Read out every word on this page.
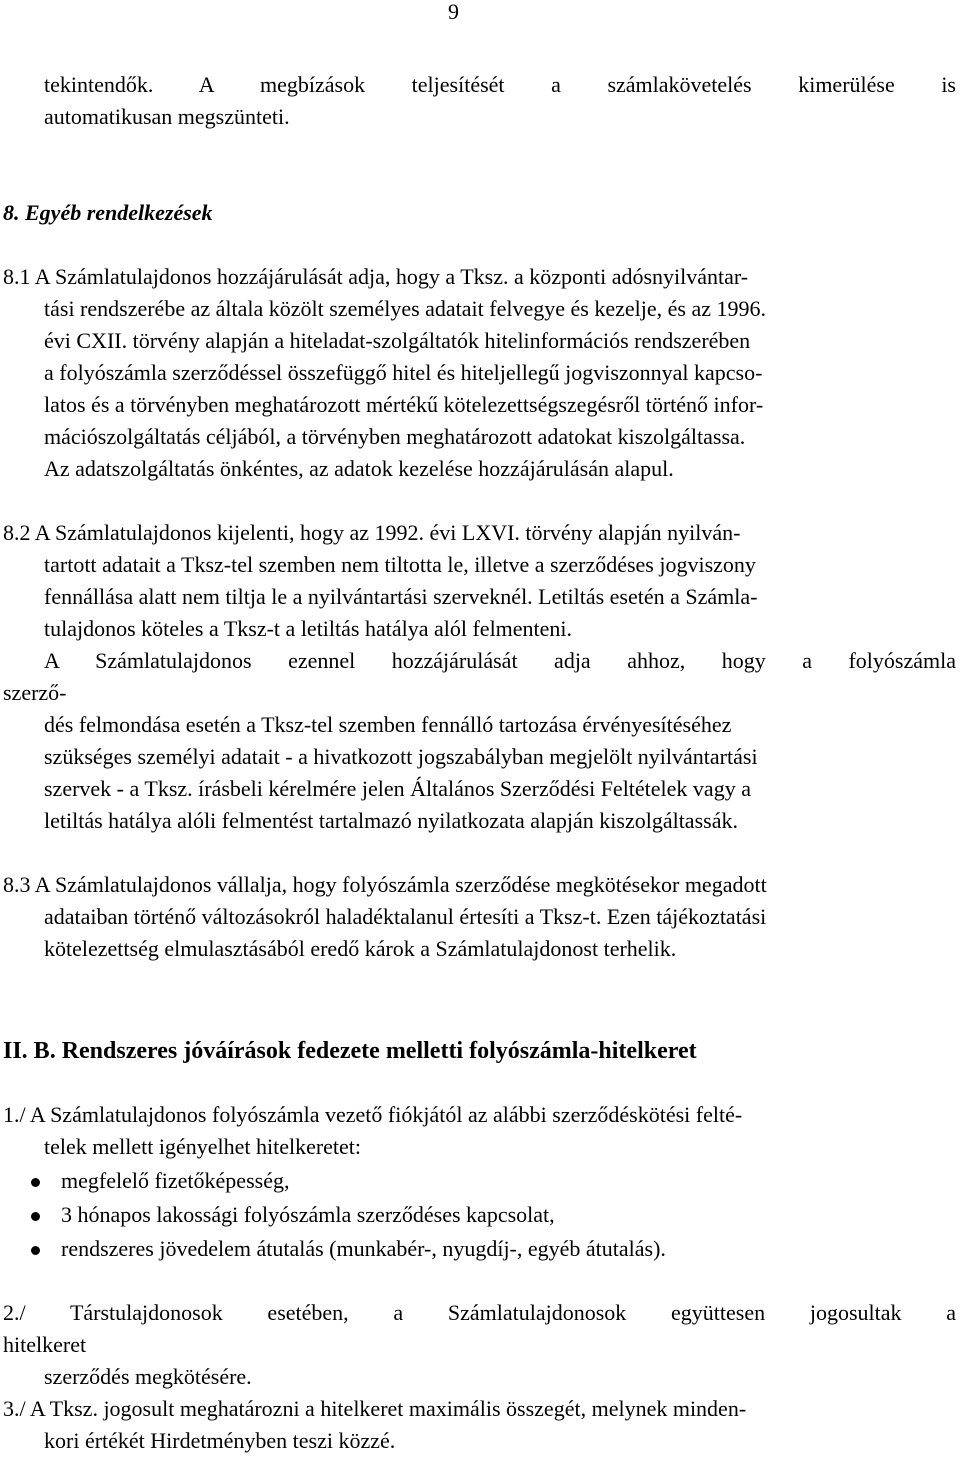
9
tekintendők. A megbízások teljesítését a számlakövetelés kimerülése is
automatikusan megszünteti.
8. Egyéb rendelkezések
8.1 A Számlatulajdonos hozzájárulását adja, hogy a Tksz. a központi adósnyilvántar-
tási rendszerébe az általa közölt személyes adatait felvegye és kezelje, és az 1996.
évi CXII. törvény alapján a hiteladat-szolgáltatók hitelinformációs rendszerében
a folyószámla szerződéssel összefüggő hitel és hiteljellegű jogviszonnyal kapcso-
latos és a törvényben meghatározott mértékű kötelezettségszegésről történő infor-
mációszolgáltatás céljából, a törvényben meghatározott adatokat kiszolgáltassa.
Az adatszolgáltatás önkéntes, az adatok kezelése hozzájárulásán alapul.
8.2 A Számlatulajdonos kijelenti, hogy az 1992. évi LXVI. törvény alapján nyilván-
tartott adatait a Tksz-tel szemben nem tiltotta le, illetve a szerződéses jogviszony
fennállása alatt nem tiltja le a nyilvántartási szerveknél. Letiltás esetén a Számla-
tulajdonos köteles a Tksz-t a letiltás hatálya alól felmenteni.
A Számlatulajdonos ezennel hozzájárulását adja ahhoz, hogy a folyószámla
szerző-
dés felmondása esetén a Tksz-tel szemben fennálló tartozása érvényesítéséhez
szükséges személyi adatait - a hivatkozott jogszabályban megjelölt nyilvántartási
szervek - a Tksz. írásbeli kérelmére jelen Általános Szerződési Feltételek vagy a
letiltás hatálya alóli felmentést tartalmazó nyilatkozata alapján kiszolgáltassák.
8.3 A Számlatulajdonos vállalja, hogy folyószámla szerződése megkötésekor megadott
adataiban történő változásokról haladéktalanul értesíti a Tksz-t. Ezen tájékoztatási
kötelezettség elmulasztásából eredő károk a Számlatulajdonost terhelik.
II. B. Rendszeres jóváírások fedezete melletti folyószámla-hitelkeret
1./ A Számlatulajdonos folyószámla vezető fiókjától az alábbi szerződéskötési felté-
telek mellett igényelhet hitelkeretet:
megfelelő fizetőképesség,
3 hónapos lakossági folyószámla szerződéses kapcsolat,
rendszeres jövedelem átutalás (munkabér-, nyugdíj-, egyéb átutalás).
2./ Társtulajdonosok esetében, a Számlatulajdonosok együttesen jogosultak a
hitelkeret
szerződés megkötésére.
3./ A Tksz. jogosult meghatározni a hitelkeret maximális összegét, melynek minden-
kori értékét Hirdetményben teszi közzé.
